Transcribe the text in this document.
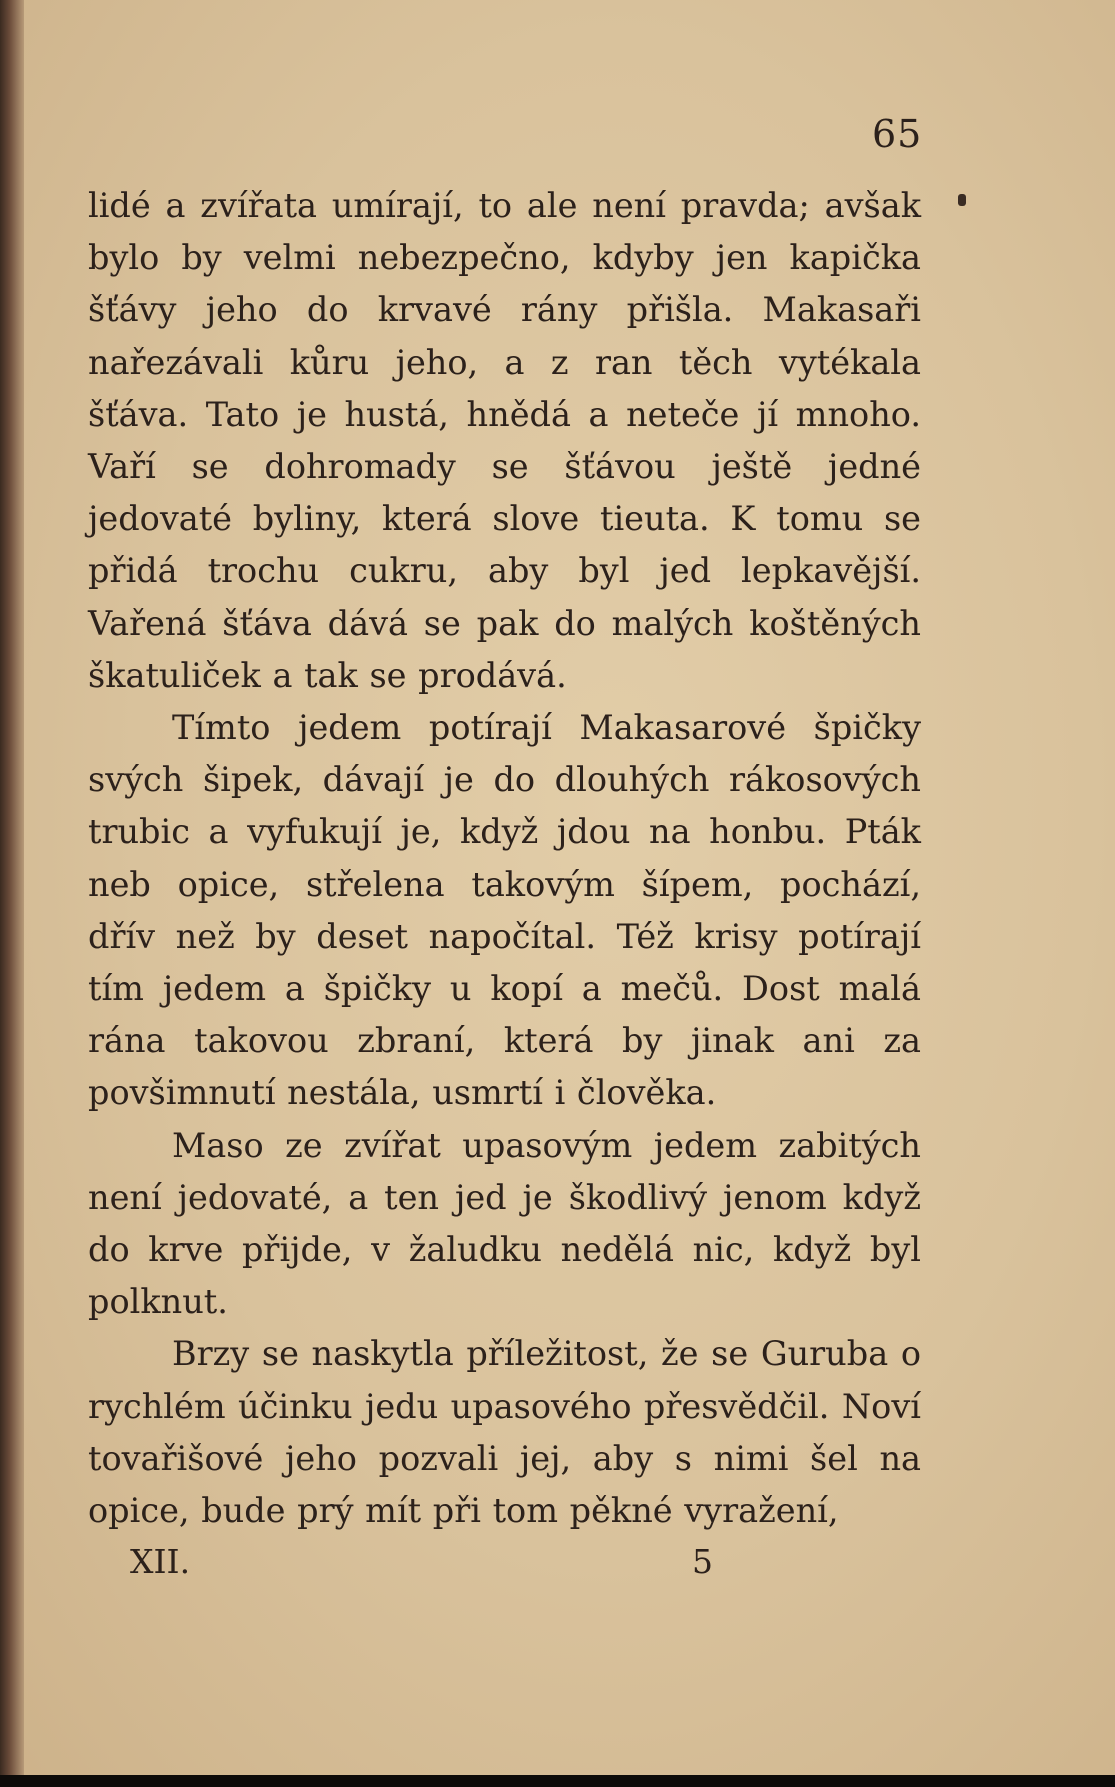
65

lidé a zvířata umírají, to ale není pravda; avšak bylo by velmi nebezpečno, kdyby jen kapička šťávy jeho do krvavé rány přišla. Makasaři nařezávali kůru jeho, a z ran těch vytékala šťáva. Tato je hustá, hnědá a neteče jí mnoho. Vaří se dohromady se šťávou ještě jedné jedovaté byliny, která slove tieuta. K tomu se přidá trochu cukru, aby byl jed lepkavější. Vařená šťáva dává se pak do malých koštěných škatuliček a tak se prodává.

Tímto jedem potírají Makasarové špičky svých šipek, dávají je do dlouhých rákosových trubic a vyfukují je, když jdou na honbu. Pták neb opice, střelena takovým šípem, pochází, dřív než by deset napočítal. Též krisy potírají tím jedem a špičky u kopí a mečů. Dost malá rána takovou zbraní, která by jinak ani za povšimnutí nestála, usmrtí i člověka.

Maso ze zvířat upasovým jedem zabitých není jedovaté, a ten jed je škodlivý jenom když do krve přijde, v žaludku nedělá nic, když byl polknut.

Brzy se naskytla příležitost, že se Guruba o rychlém účinku jedu upasového přesvědčil. Noví tovařišové jeho pozvali jej, aby s nimi šel na opice, bude prý mít při tom pěkné vyražení,

XII.	5
